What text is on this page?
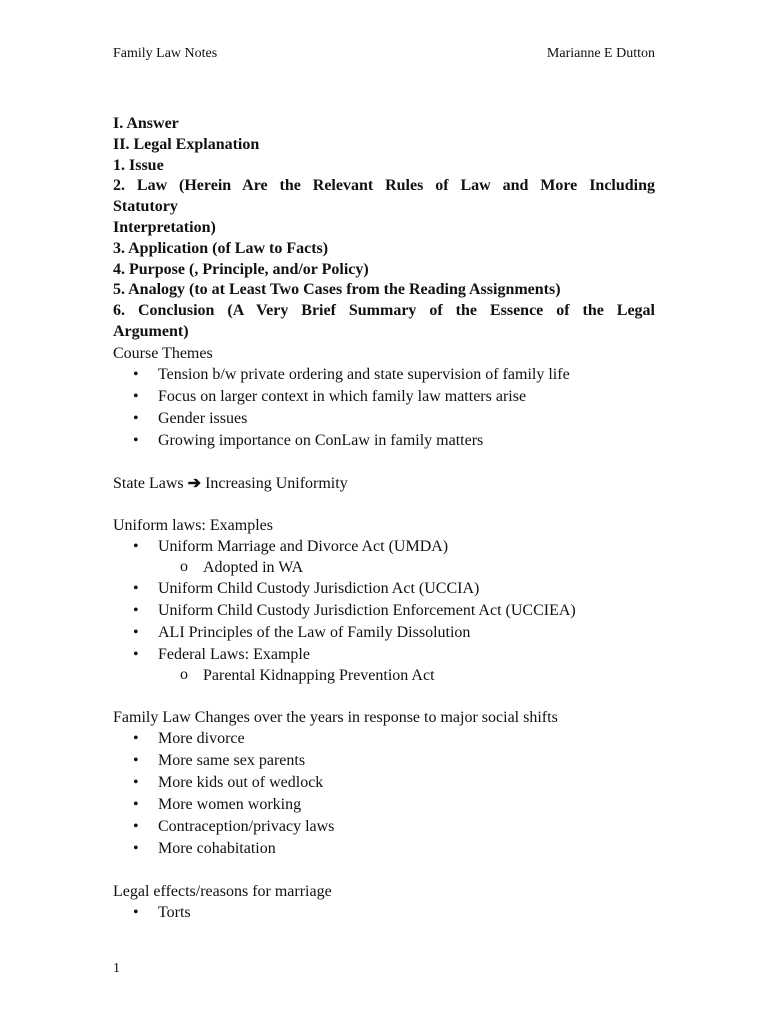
Family Law Notes	Marianne E Dutton
I. Answer
II. Legal Explanation
1. Issue
2. Law (Herein Are the Relevant Rules of Law and More Including
Statutory
Interpretation)
3. Application (of Law to Facts)
4. Purpose (, Principle, and/or Policy)
5. Analogy (to at Least Two Cases from the Reading Assignments)
6. Conclusion (A Very Brief Summary of the Essence of the Legal
Argument)
Course Themes
• Tension b/w private ordering and state supervision of family life
• Focus on larger context in which family law matters arise
• Gender issues
• Growing importance on ConLaw in family matters
State Laws ➔ Increasing Uniformity
Uniform laws: Examples
• Uniform Marriage and Divorce Act (UMDA)
o Adopted in WA
• Uniform Child Custody Jurisdiction Act (UCCIA)
• Uniform Child Custody Jurisdiction Enforcement Act (UCCIEA)
• ALI Principles of the Law of Family Dissolution
• Federal Laws: Example
o Parental Kidnapping Prevention Act
Family Law Changes over the years in response to major social shifts
• More divorce
• More same sex parents
• More kids out of wedlock
• More women working
• Contraception/privacy laws
• More cohabitation
Legal effects/reasons for marriage
• Torts
1
